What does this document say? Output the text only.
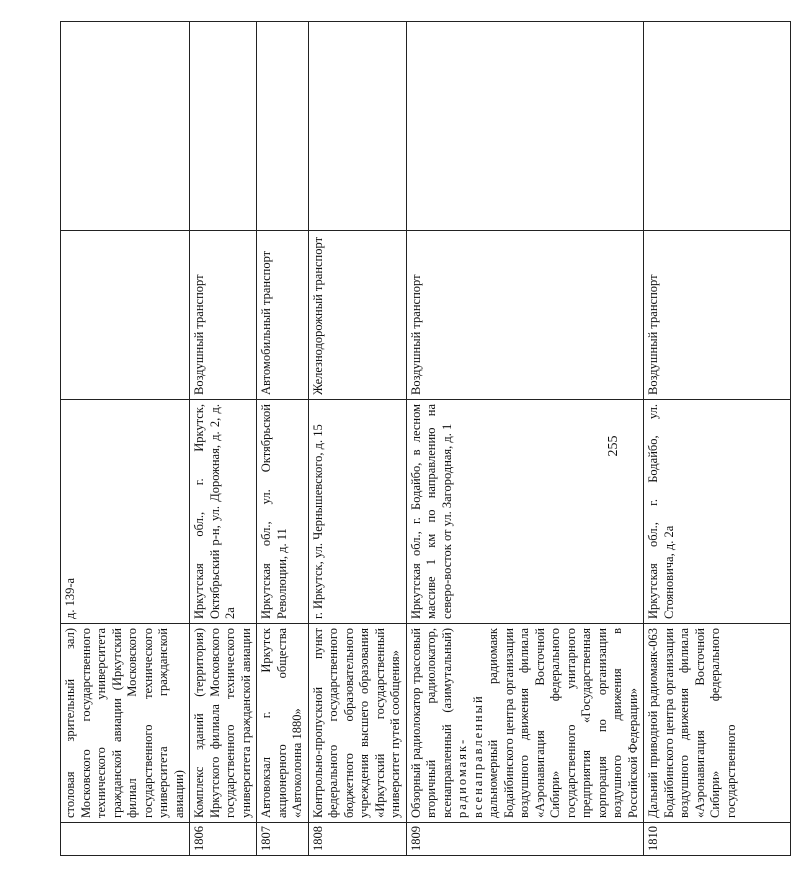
255
	столовая зрительный зал) Московского государственного технического университета гражданской авиации (Иркутский филиал Московского государственного технического университета гражданской авиации)	д. 139-а		
1806	Комплекс зданий (территория) Иркутского филиала Московского государственного технического университета гражданской авиации	Иркутская обл., г. Иркутск, Октябрьский р-н, ул. Дорожная, д. 2, д. 2а	Воздушный транспорт	
1807	Автовокзал г. Иркутск акционерного общества «Автоколонна 1880»	Иркутская обл., ул. Октябрьской Революции, д. 11	Автомобильный транспорт	
1808	Контрольно-пропускной пункт федерального государственного бюджетного образовательного учреждения высшего образования «Иркутский государственный университет путей сообщения»	г. Иркутск, ул. Чернышевского, д. 15	Железнодорожный транспорт	
1809	Обзорный радиолокатор трассовый вторичный радиолокатор, всенаправленный (азимутальный) радиомаяк-всенаправленный дальномерный радиомаяк Бодайбинского центра организации воздушного движения филиала «Аэронавигация Восточной Сибири» федерального государственного унитарного предприятия «Государственная корпорация по организации воздушного движения в Российской Федерации»	Иркутская обл., г. Бодайбо, в лесном массиве 1 км по направлению на северо-восток от ул. Загородная, д. 1	Воздушный транспорт	
1810	Дальний приводной радиомаяк-063 Бодайбинского центра организации воздушного движения филиала «Аэронавигация Восточной Сибири» федерального государственного	Иркутская обл., г. Бодайбо, ул. Стояновича, д. 2а	Воздушный транспорт	
